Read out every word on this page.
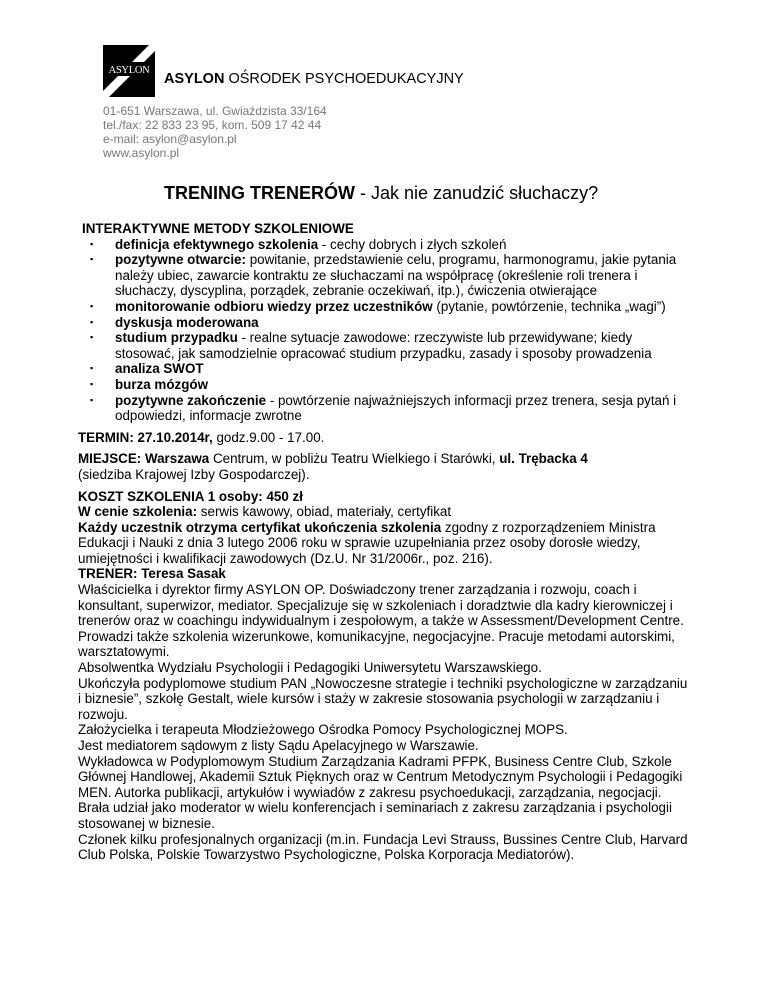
ASYLON
ASYLON OŚRODEK PSYCHOEDUKACYJNY
01-651 Warszawa, ul. Gwiaździsta 33/164
tel./fax: 22 833 23 95, kom. 509 17 42 44
e-mail: asylon@asylon.pl
www.asylon.pl
TRENING TRENERÓW - Jak nie zanudzić słuchaczy?
INTERAKTYWNE METODY SZKOLENIOWE
▪ definicja efektywnego szkolenia - cechy dobrych i złych szkoleń
▪ pozytywne otwarcie: powitanie, przedstawienie celu, programu, harmonogramu, jakie pytania należy ubiec, zawarcie kontraktu ze słuchaczami na współpracę (określenie roli trenera i słuchaczy, dyscyplina, porządek, zebranie oczekiwań, itp.), ćwiczenia otwierające
▪ monitorowanie odbioru wiedzy przez uczestników (pytanie, powtórzenie, technika „wagi”)
▪ dyskusja moderowana
▪ studium przypadku - realne sytuacje zawodowe: rzeczywiste lub przewidywane; kiedy stosować, jak samodzielnie opracować studium przypadku, zasady i sposoby prowadzenia
▪ analiza SWOT
▪ burza mózgów
▪ pozytywne zakończenie - powtórzenie najważniejszych informacji przez trenera, sesja pytań i odpowiedzi, informacje zwrotne

TERMIN: 27.10.2014r, godz.9.00 - 17.00.

MIEJSCE: Warszawa Centrum, w pobliżu Teatru Wielkiego i Starówki, ul. Trębacka 4
(siedziba Krajowej Izby Gospodarczej).

KOSZT SZKOLENIA 1 osoby: 450 zł

W cenie szkolenia: serwis kawowy, obiad, materiały, certyfikat

Każdy uczestnik otrzyma certyfikat ukończenia szkolenia zgodny z rozporządzeniem Ministra Edukacji i Nauki z dnia 3 lutego 2006 roku w sprawie uzupełniania przez osoby dorosłe wiedzy, umiejętności i kwalifikacji zawodowych (Dz.U. Nr 31/2006r., poz. 216).

TRENER: Teresa Sasak

Właścicielka i dyrektor firmy ASYLON OP. Doświadczony trener zarządzania i rozwoju, coach i konsultant, superwizor, mediator. Specjalizuje się w szkoleniach i doradztwie dla kadry kierowniczej i trenerów oraz w coachingu indywidualnym i zespołowym, a także w Assessment/Development Centre. Prowadzi także szkolenia wizerunkowe, komunikacyjne, negocjacyjne. Pracuje metodami autorskimi, warsztatowymi.

Absolwentka Wydziału Psychologii i Pedagogiki Uniwersytetu Warszawskiego.

Ukończyła podyplomowe studium PAN „Nowoczesne strategie i techniki psychologiczne w zarządzaniu i biznesie”, szkołę Gestalt, wiele kursów i staży w zakresie stosowania psychologii w zarządzaniu i rozwoju.

Założycielka i terapeuta Młodzieżowego Ośrodka Pomocy Psychologicznej MOPS.

Jest mediatorem sądowym z listy Sądu Apelacyjnego w Warszawie.

Wykładowca w Podyplomowym Studium Zarządzania Kadrami PFPK, Business Centre Club, Szkole Głównej Handlowej, Akademii Sztuk Pięknych oraz w Centrum Metodycznym Psychologii i Pedagogiki MEN. Autorka publikacji, artykułów i wywiadów z zakresu psychoedukacji, zarządzania, negocjacji. Brała udział jako moderator w wielu konferencjach i seminariach z zakresu zarządzania i psychologii stosowanej w biznesie.

Członek kilku profesjonalnych organizacji (m.in. Fundacja Levi Strauss, Bussines Centre Club, Harvard Club Polska, Polskie Towarzystwo Psychologiczne, Polska Korporacja Mediatorów).
